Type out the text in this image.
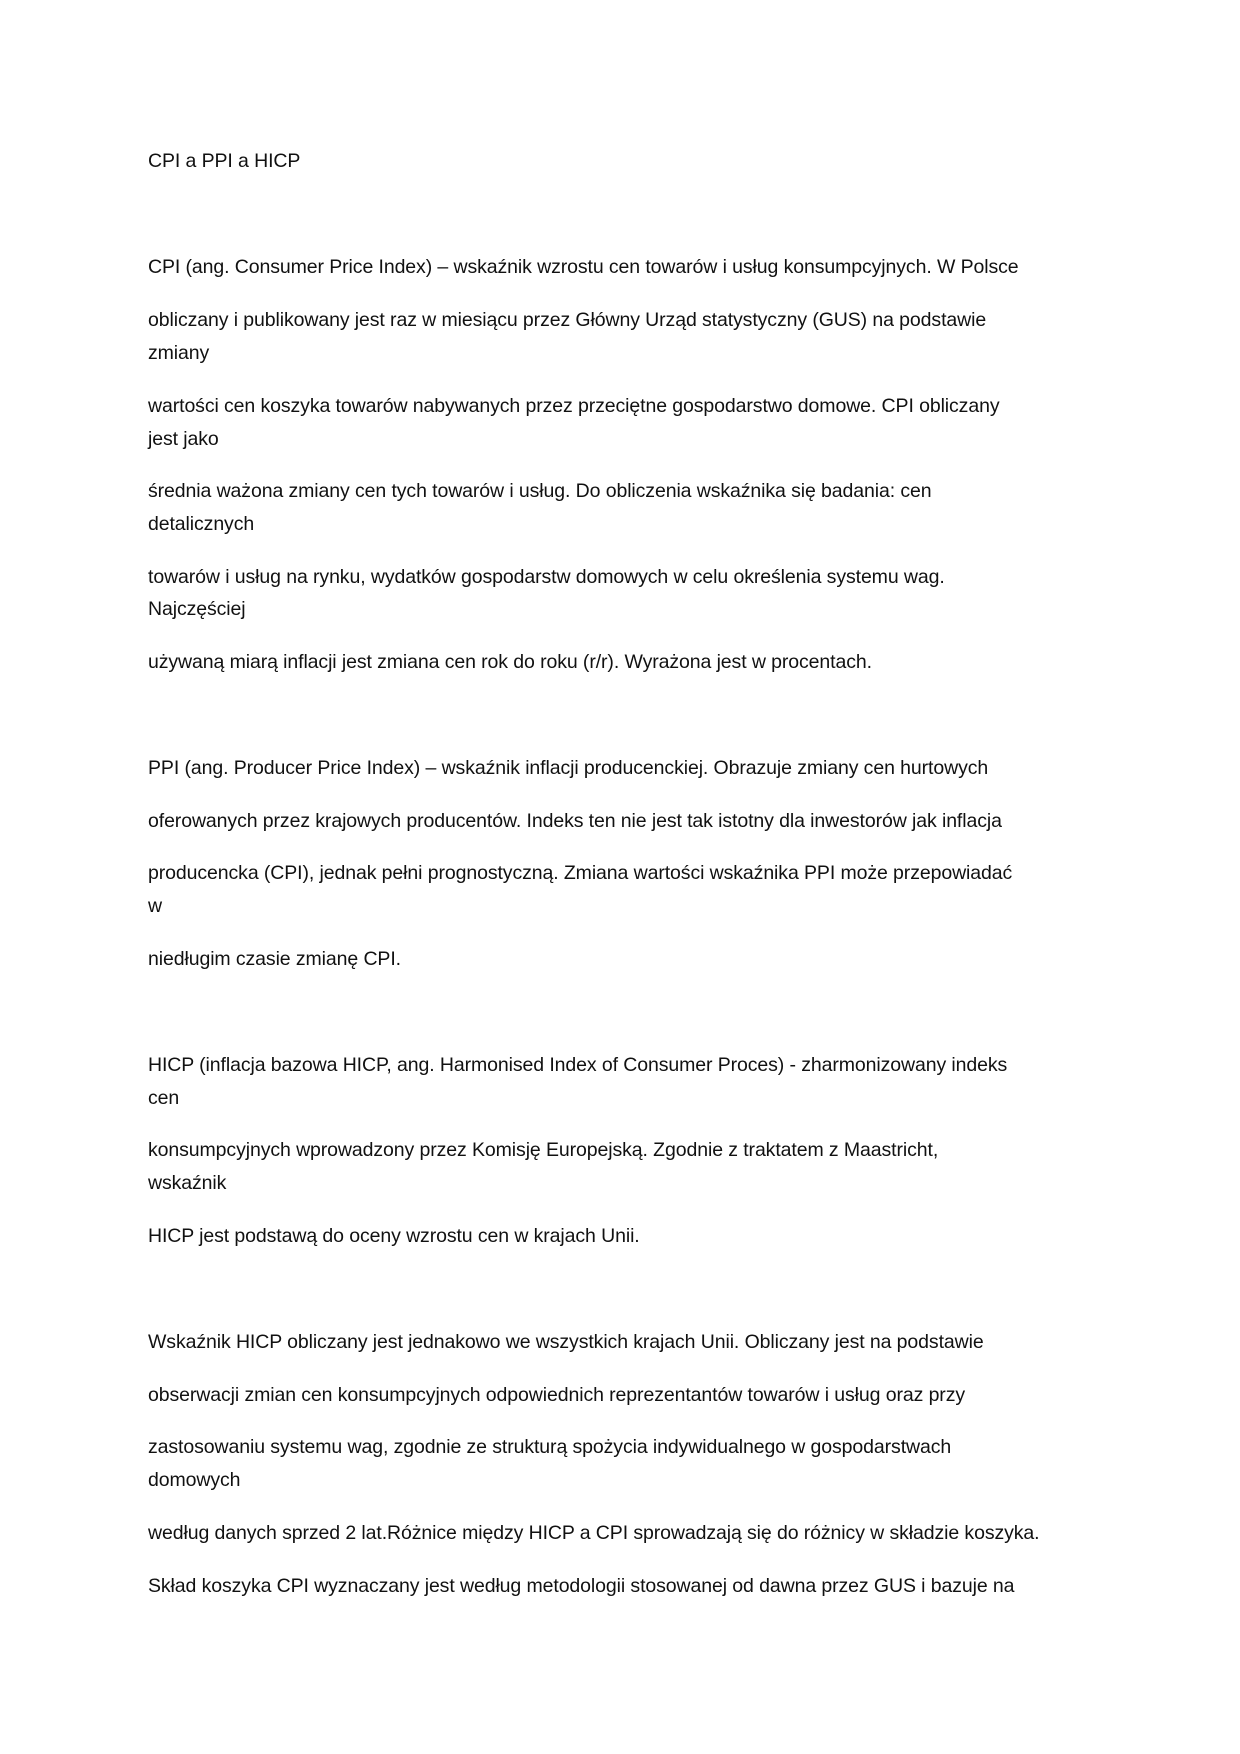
CPI a PPI a HICP

CPI (ang. Consumer Price Index) – wskaźnik wzrostu cen towarów i usług konsumpcyjnych. W Polsce

obliczany i publikowany jest raz w miesiącu przez Główny Urząd statystyczny (GUS) na podstawie

zmiany

wartości cen koszyka towarów nabywanych przez przeciętne gospodarstwo domowe. CPI obliczany

jest jako

średnia ważona zmiany cen tych towarów i usług. Do obliczenia wskaźnika się badania: cen

detalicznych

towarów i usług na rynku, wydatków gospodarstw domowych w celu określenia systemu wag.

Najczęściej

używaną miarą inflacji jest zmiana cen rok do roku (r/r). Wyrażona jest w procentach.

PPI (ang. Producer Price Index) – wskaźnik inflacji producenckiej. Obrazuje zmiany cen hurtowych

oferowanych przez krajowych producentów. Indeks ten nie jest tak istotny dla inwestorów jak inflacja

producencka (CPI), jednak pełni prognostyczną. Zmiana wartości wskaźnika PPI może przepowiadać

w

niedługim czasie zmianę CPI.

HICP (inflacja bazowa HICP, ang. Harmonised Index of Consumer Proces) - zharmonizowany indeks

cen

konsumpcyjnych wprowadzony przez Komisję Europejską. Zgodnie z traktatem z Maastricht,

wskaźnik

HICP jest podstawą do oceny wzrostu cen w krajach Unii.

Wskaźnik HICP obliczany jest jednakowo we wszystkich krajach Unii. Obliczany jest na podstawie

obserwacji zmian cen konsumpcyjnych odpowiednich reprezentantów towarów i usług oraz przy

zastosowaniu systemu wag, zgodnie ze strukturą spożycia indywidualnego w gospodarstwach

domowych

według danych sprzed 2 lat.Różnice między HICP a CPI sprowadzają się do różnicy w składzie koszyka.

Skład koszyka CPI wyznaczany jest według metodologii stosowanej od dawna przez GUS i bazuje na
